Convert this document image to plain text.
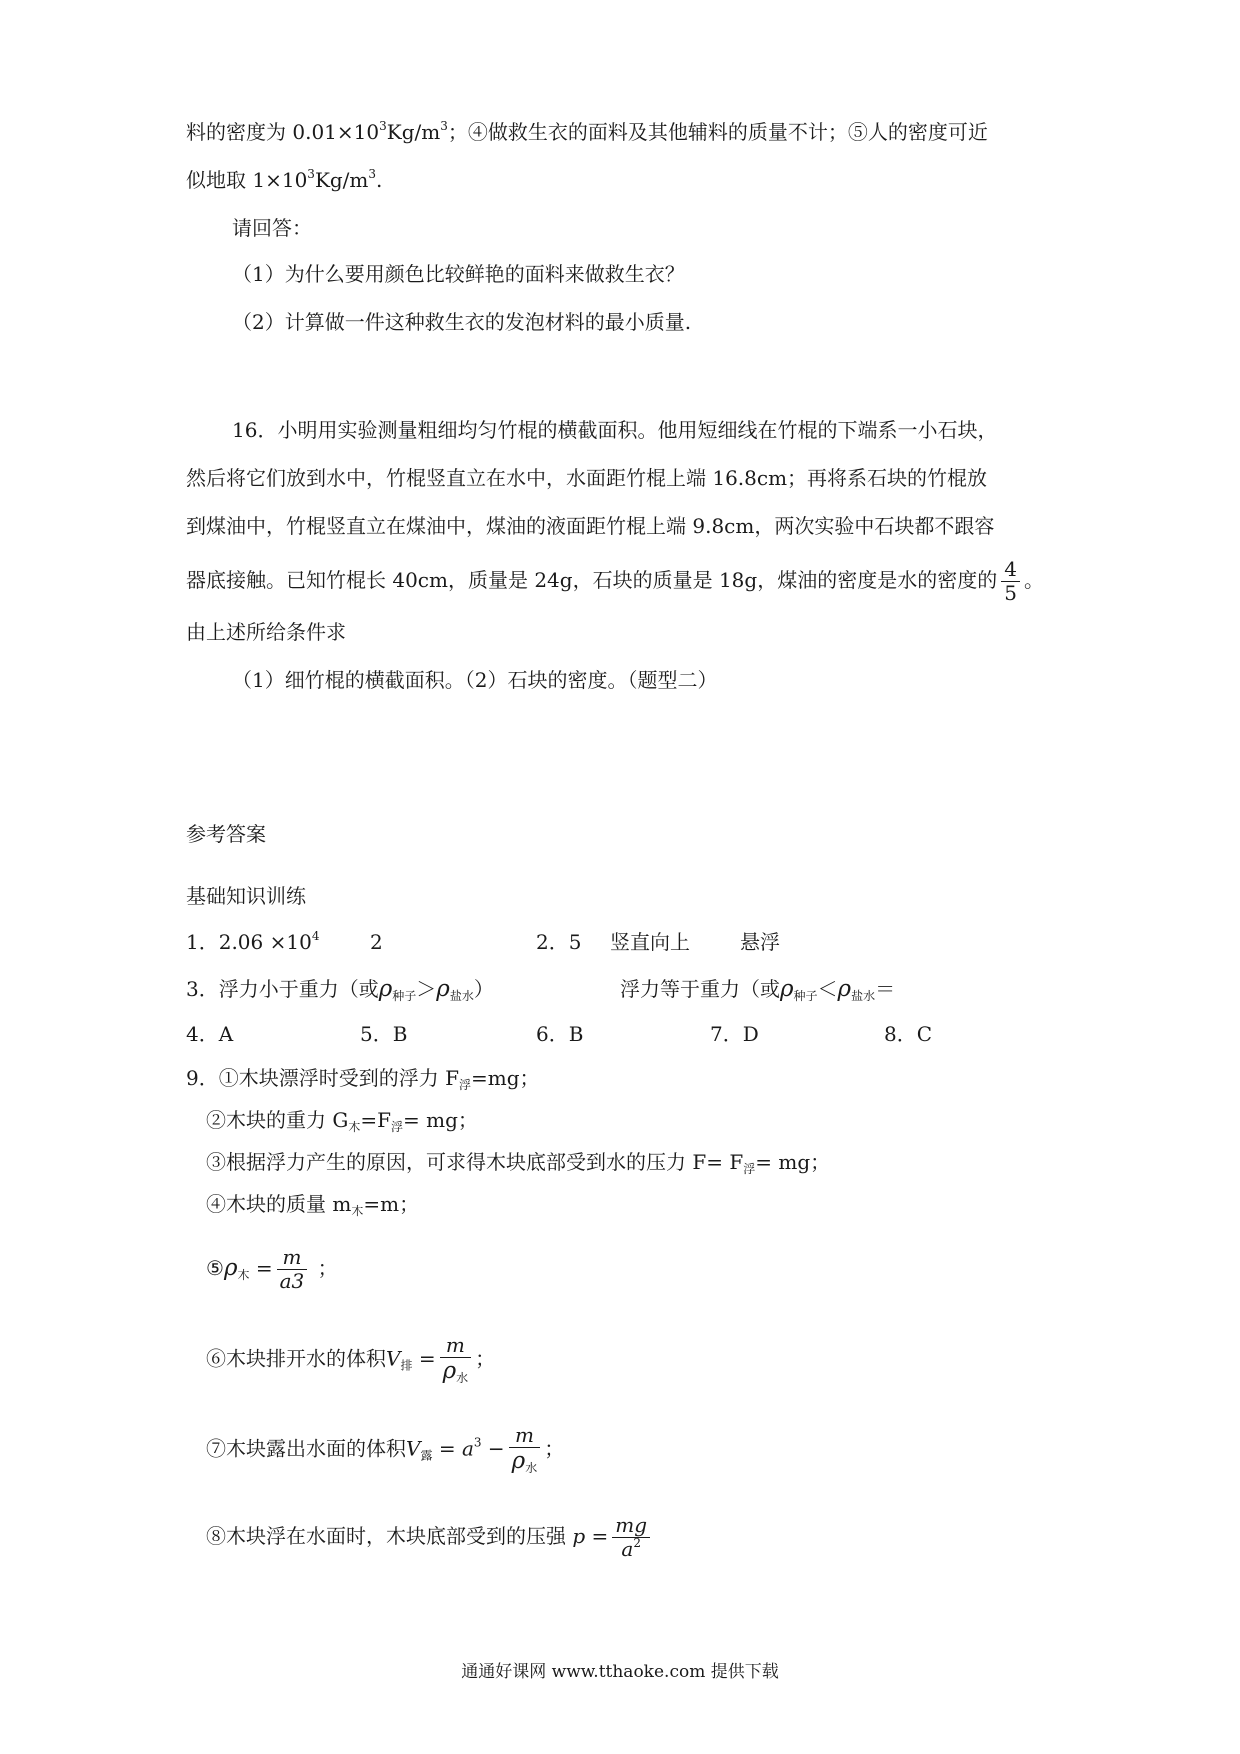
料的密度为 $0.01\times 10^3Kg/m^3$；④做救生衣的面料及其他辅料的质量不计；⑤人的密度可近
似地取 $1\times 10^3Kg/m^3$.
请回答：
（1）为什么要用颜色比较鲜艳的面料来做救生衣？
（2）计算做一件这种救生衣的发泡材料的最小质量.
16．小明用实验测量粗细均匀竹棍的横截面积。他用短细线在竹棍的下端系一小石块，
然后将它们放到水中，竹棍竖直立在水中，水面距竹棍上端 16.8cm；再将系石块的竹棍放
到煤油中，竹棍竖直立在煤油中，煤油的液面距竹棍上端 9.8cm，两次实验中石块都不跟容
器底接触。已知竹棍长 40cm，质量是 24g，石块的质量是 18g，煤油的密度是水的密度的 $\frac{4}{5}$ 。
由上述所给条件求
（1）细竹棍的横截面积。（2）石块的密度。（题型二）
参考答案
基础知识训练
1．$2.06 \times 10^4$	2	2．5 竖直向上	悬浮
3．浮力小于重力（或$\rho_{种子}>\rho_{盐水}$）	浮力等于重力（或$\rho_{种子}<\rho_{盐水}=$
4．A	5．B	6．B	7．D	8．C
9．①木块漂浮时受到的浮力 $F_浮=mg$；
②木块的重力 $G_木=F_浮=$ mg；
③根据浮力产生的原因，可求得木块底部受到水的压力 $F= F_浮=$ mg；
④木块的质量 $m_木=m$；
$⑤\rho_木 = \frac{m}{a3}$ ；
⑥木块排开水的体积$V_排 = \frac{m}{\rho_水}$ ；
⑦木块露出水面的体积$V_露 = a^3 - \frac{m}{\rho_水}$ ；
⑧木块浮在水面时，木块底部受到的压强 $p = \frac{mg}{a^2}$
通通好课网 www.tthaoke.com 提供下载
